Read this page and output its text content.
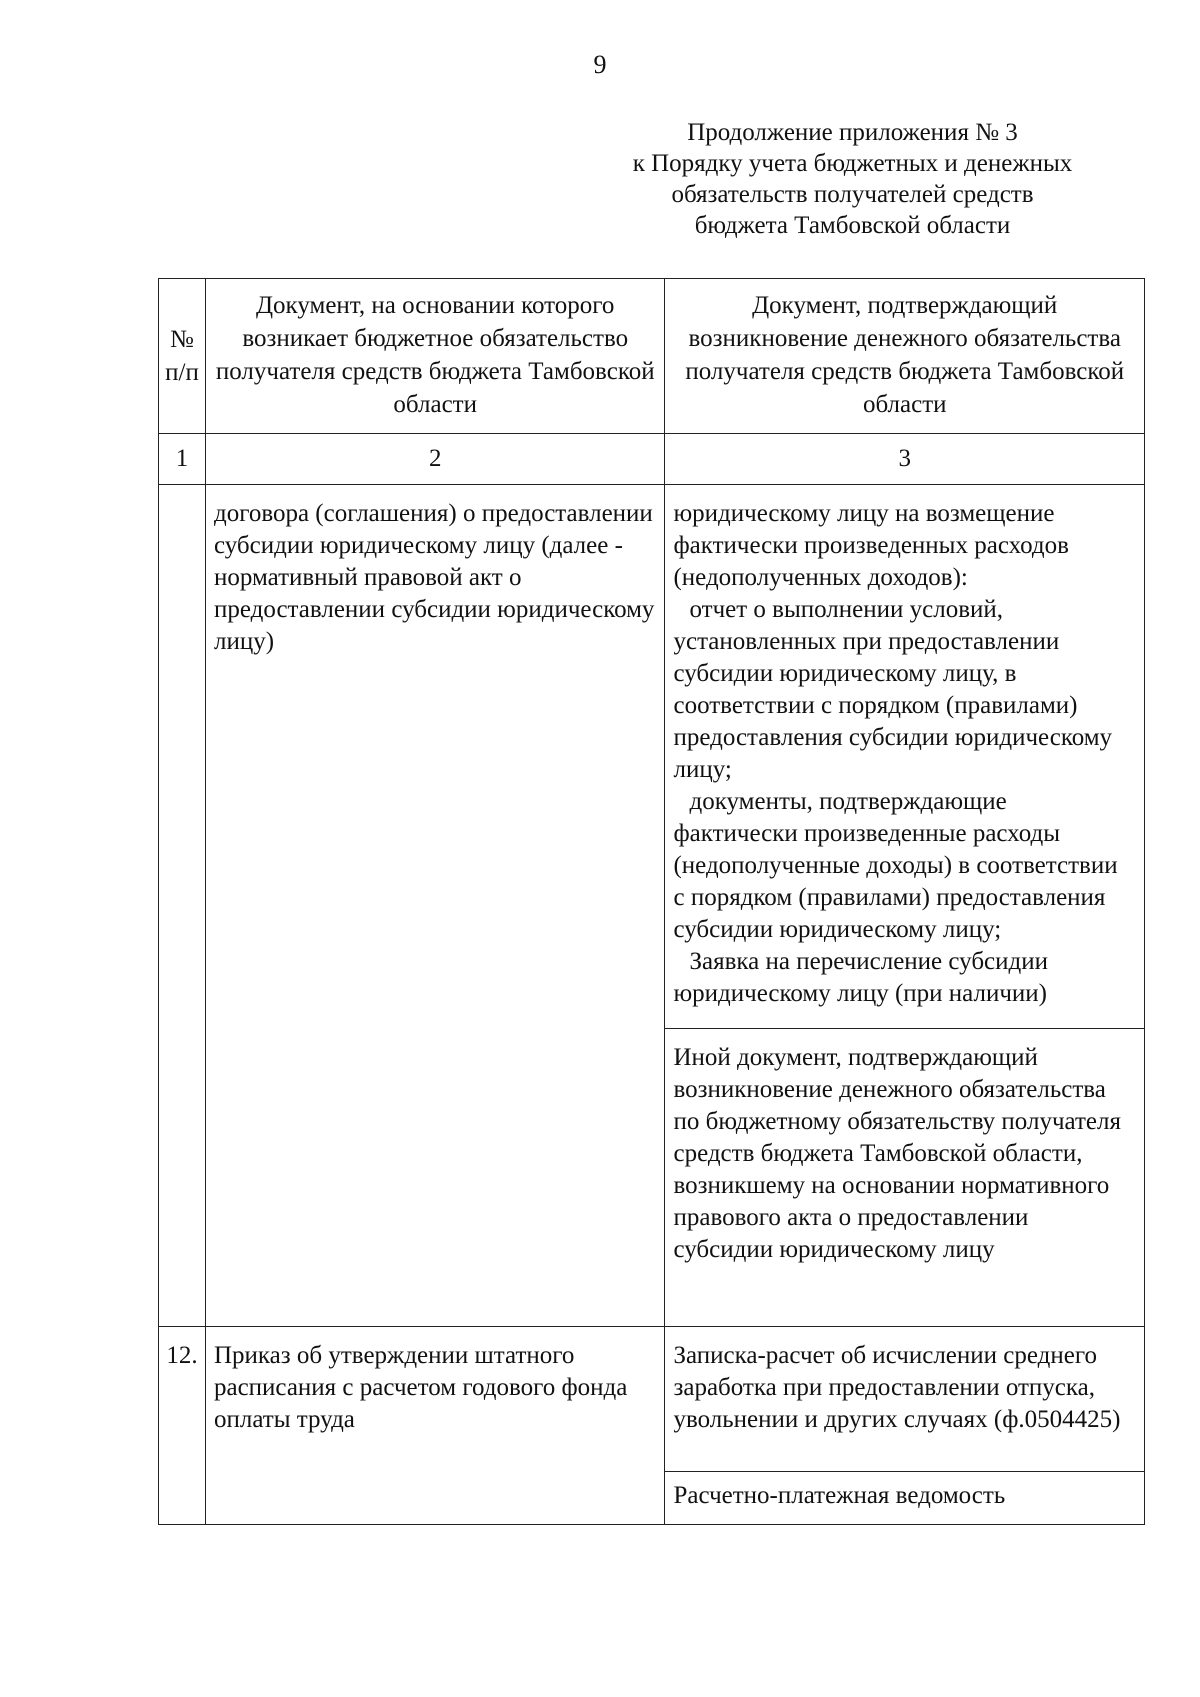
9
Продолжение приложения № 3
к Порядку учета бюджетных и денежных
обязательств получателей средств
бюджета Тамбовской области
№ п/п	Документ, на основании которого возникает бюджетное обязательство получателя средств бюджета Тамбовской области	Документ, подтверждающий возникновение денежного обязательства получателя средств бюджета Тамбовской области
1	2	3
	договора (соглашения) о предоставлении субсидии юридическому лицу (далее - нормативный правовой акт о предоставлении субсидии юридическому лицу)	юридическому лицу на возмещение фактически произведенных расходов (недополученных доходов):
отчет о выполнении условий, установленных при предоставлении субсидии юридическому лицу, в соответствии с порядком (правилами) предоставления субсидии юридическому лицу;
документы, подтверждающие фактически произведенные расходы (недополученные доходы) в соответствии с порядком (правилами) предоставления субсидии юридическому лицу;
Заявка на перечисление субсидии юридическому лицу (при наличии)

		Иной документ, подтверждающий возникновение денежного обязательства по бюджетному обязательству получателя средств бюджета Тамбовской области, возникшему на основании нормативного правового акта о предоставлении субсидии юридическому лицу
12.	Приказ об утверждении штатного расписания с расчетом годового фонда оплаты труда	Записка-расчет об исчислении среднего заработка при предоставлении отпуска, увольнении и других случаях (ф.0504425)
		Расчетно-платежная ведомость
